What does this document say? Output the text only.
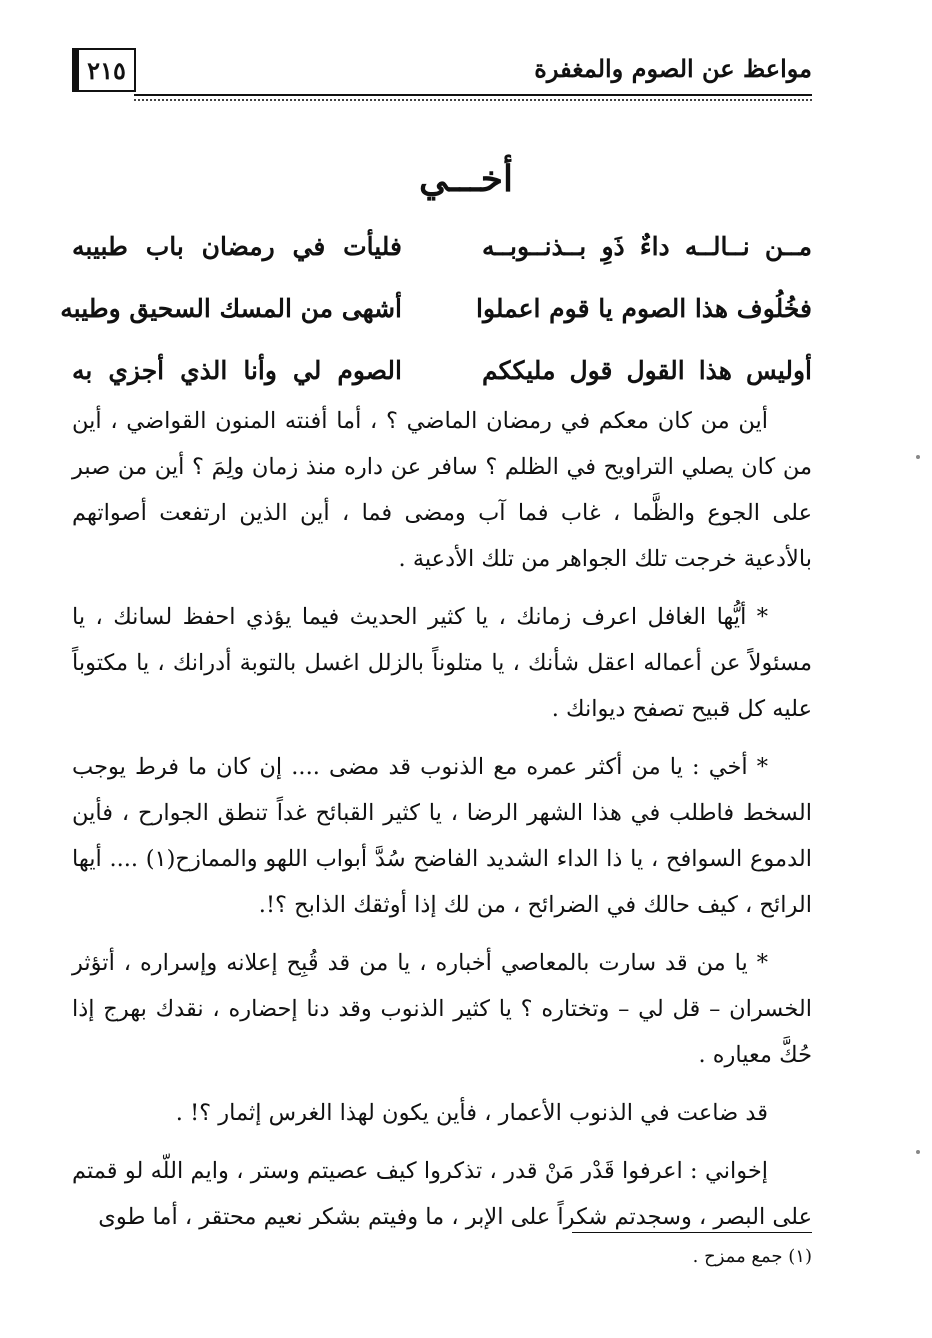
٢١٥	مواعظ عن الصوم والمغفرة
أخـــي
مــن نــالــه داءٌ ذَوِ بــذنــوبــه
فليأت في رمضان باب طبيبه
فخُلُوف هذا الصوم يا قوم اعملوا
أشهى من المسك السحيق وطيبه
أوليس هذا القول قول مليككم
الصوم لي وأنا الذي أجزي به

أين من كان معكم في رمضان الماضي ؟ ، أما أفنته المنون القواضي ، أين من كان يصلي التراويح في الظلم ؟ سافر عن داره منذ زمان ولِمَ ؟ أين من صبر على الجوع والظَّما ، غاب فما آب ومضى فما ، أين الذين ارتفعت أصواتهم بالأدعية خرجت تلك الجواهر من تلك الأدعية .

* أيُّها الغافل اعرف زمانك ، يا كثير الحديث فيما يؤذي احفظ لسانك ، يا مسئولاً عن أعماله اعقل شأنك ، يا متلوناً بالزلل اغسل بالتوبة أدرانك ، يا مكتوباً عليه كل قبيح تصفح ديوانك .

* أخي : يا من أكثر عمره مع الذنوب قد مضى .... إن كان ما فرط يوجب السخط فاطلب في هذا الشهر الرضا ، يا كثير القبائح غداً تنطق الجوارح ، فأين الدموع السوافح ، يا ذا الداء الشديد الفاضح سُدَّ أبواب اللهو والممازح(١) .... أيها الرائح ، كيف حالك في الضرائح ، من لك إذا أوثقك الذابح ؟!.

* يا من قد سارت بالمعاصي أخباره ، يا من قد قُبِح إعلانه وإسراره ، أتؤثر الخسران – قل لي – وتختاره ؟ يا كثير الذنوب وقد دنا إحضاره ، نقدك بهرج إذا حُكَّ معياره .

قد ضاعت في الذنوب الأعمار ، فأين يكون لهذا الغرس إثمار ؟! .

إخواني : اعرفوا قَدْر مَنْ قدر ، تذكروا كيف عصيتم وستر ، وايم اللّه لو قمتم على البصر ، وسجدتم شكراً على الإبر ، ما وفيتم بشكر نعيم محتقر ، أما طوى

(١) جمع ممزح .
